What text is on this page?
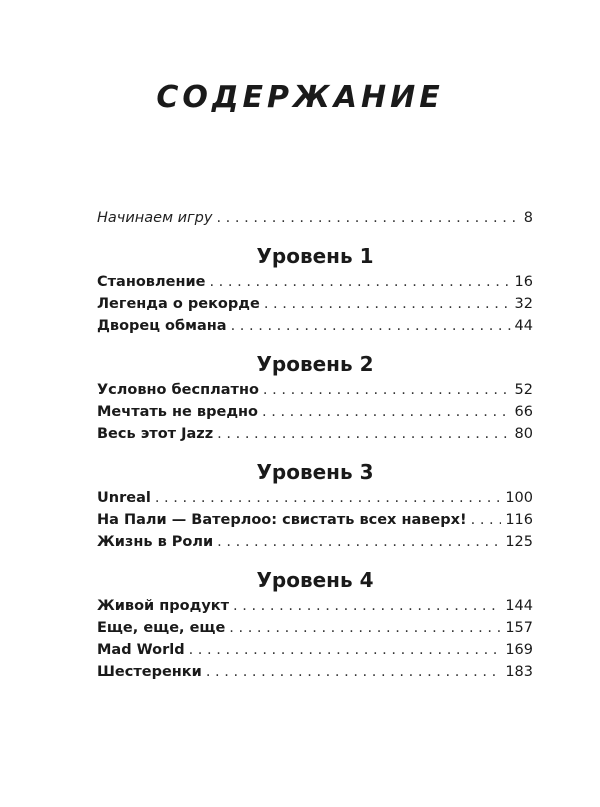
СОДЕРЖАНИЕ
Начинаем игру . . .	8
Уровень 1
Становление . . .	16
Легенда о рекорде . . .	32
Дворец обмана . . .	44
Уровень 2
Условно бесплатно . . .	52
Мечтать не вредно . . .	66
Весь этот Jazz . . .	80
Уровень 3
Unreal . . .	100
На Пали — Ватерлоо: свистать всех наверх! . . .	116
Жизнь в Роли . . .	125
Уровень 4
Живой продукт . . .	144
Еще, еще, еще . . .	157
Mad World . . .	169
Шестеренки . . .	183
